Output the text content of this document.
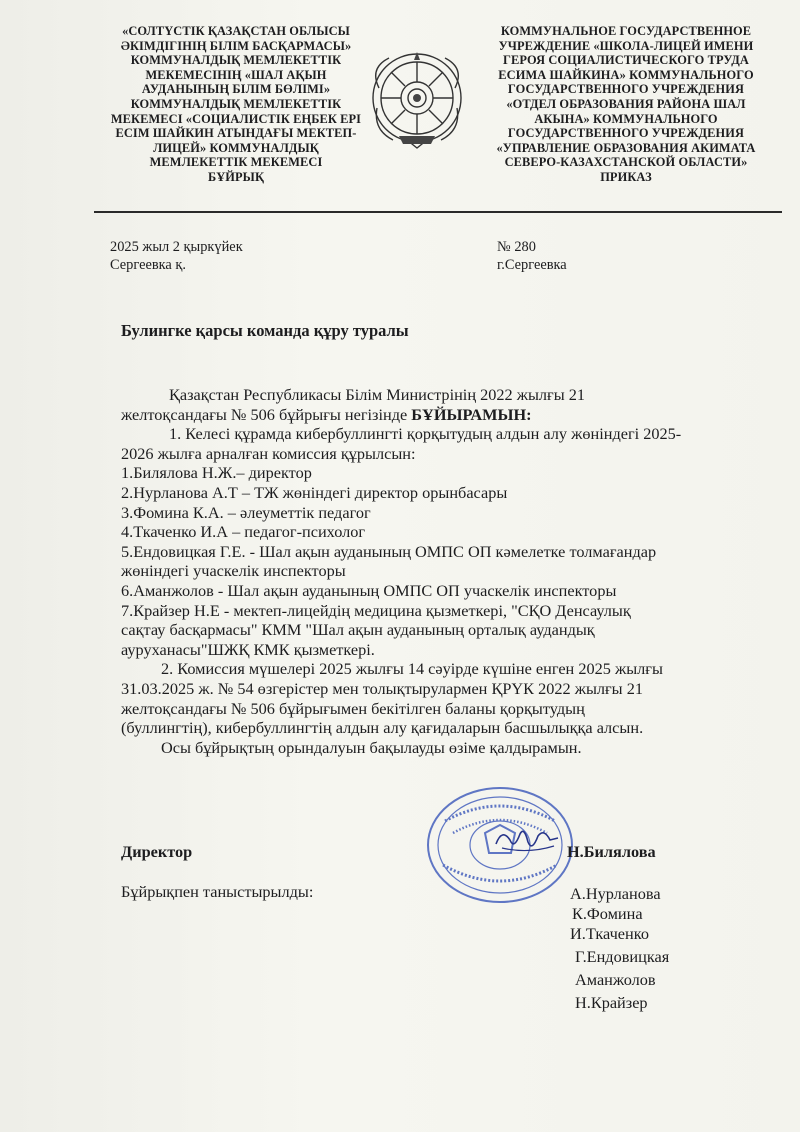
«СОЛТҮСТІК ҚАЗАҚСТАН ОБЛЫСЫ
ӘКІМДІГІНІҢ БІЛІМ БАСҚАРМАСЫ»
КОММУНАЛДЫҚ МЕМЛЕКЕТТІК
МЕКЕМЕСІНІҢ «ШАЛ АҚЫН
АУДАНЫНЫҢ БІЛІМ БӨЛІМІ»
КОММУНАЛДЫҚ МЕМЛЕКЕТТІК
МЕКЕМЕСІ «СОЦИАЛИСТІК ЕҢБЕК ЕРІ
ЕСІМ ШАЙКИН АТЫНДАҒЫ МЕКТЕП-
ЛИЦЕЙ» КОММУНАЛДЫҚ
МЕМЛЕКЕТТІК МЕКЕМЕСІ
БҰЙРЫҚ
КОММУНАЛЬНОЕ ГОСУДАРСТВЕННОЕ
УЧРЕЖДЕНИЕ «ШКОЛА-ЛИЦЕЙ ИМЕНИ
ГЕРОЯ СОЦИАЛИСТИЧЕСКОГО ТРУДА
ЕСИМА ШАЙКИНА» КОММУНАЛЬНОГО
ГОСУДАРСТВЕННОГО УЧРЕЖДЕНИЯ
«ОТДЕЛ ОБРАЗОВАНИЯ РАЙОНА ШАЛ
АКЫНА» КОММУНАЛЬНОГО
ГОСУДАРСТВЕННОГО УЧРЕЖДЕНИЯ
«УПРАВЛЕНИЕ ОБРАЗОВАНИЯ АКИМАТА
СЕВЕРО-КАЗАХСТАНСКОЙ ОБЛАСТИ»
ПРИКАЗ
2025 жыл 2 қыркүйек
Сергеевка қ.
№ 280
г.Сергеевка
Булингке қарсы команда құру туралы

Қазақстан Республикасы Білім Министрінің 2022 жылғы 21

желтоқсандағы № 506 бұйрығы негізінде БҰЙЫРАМЫН:

1. Келесі құрамда кибербуллингті қорқытудың алдын алу жөніндегі 2025-

2026 жылға арналған комиссия құрылсын:

1.Билялова Н.Ж.– директор

2.Нурланова А.Т – ТЖ жөніндегі директор орынбасары

3.Фомина К.А. – әлеуметтік педагог

4.Ткаченко И.А – педагог-психолог

5.Ендовицкая Г.Е. - Шал ақын ауданының ОМПС ОП кәмелетке толмағандар

жөніндегі учаскелік инспекторы

6.Аманжолов - Шал ақын ауданының ОМПС ОП учаскелік инспекторы

7.Крайзер Н.Е - мектеп-лицейдің медицина қызметкері, "СҚО Денсаулық

сақтау басқармасы" КММ "Шал ақын ауданының орталық аудандық

ауруханасы"ШЖҚ КМК қызметкері.

2. Комиссия мүшелері 2025 жылғы 14 сәуірде күшіне енген 2025 жылғы

31.03.2025 ж. № 54 өзгерістер мен толықтырулармен ҚРҮК 2022 жылғы 21

желтоқсандағы № 506 бұйрығымен бекітілген баланы қорқытудың

(буллингтің), кибербуллингтің алдын алу қағидаларын басшылыққа алсын.

Осы бұйрықтың орындалуын бақылауды өзіме қалдырамын.

Директор	Н.Билялова
Бұйрықпен таныстырылды:	А.Нурланова
К.Фомина
И.Ткаченко
Г.Ендовицкая
Аманжолов
Н.Крайзер
